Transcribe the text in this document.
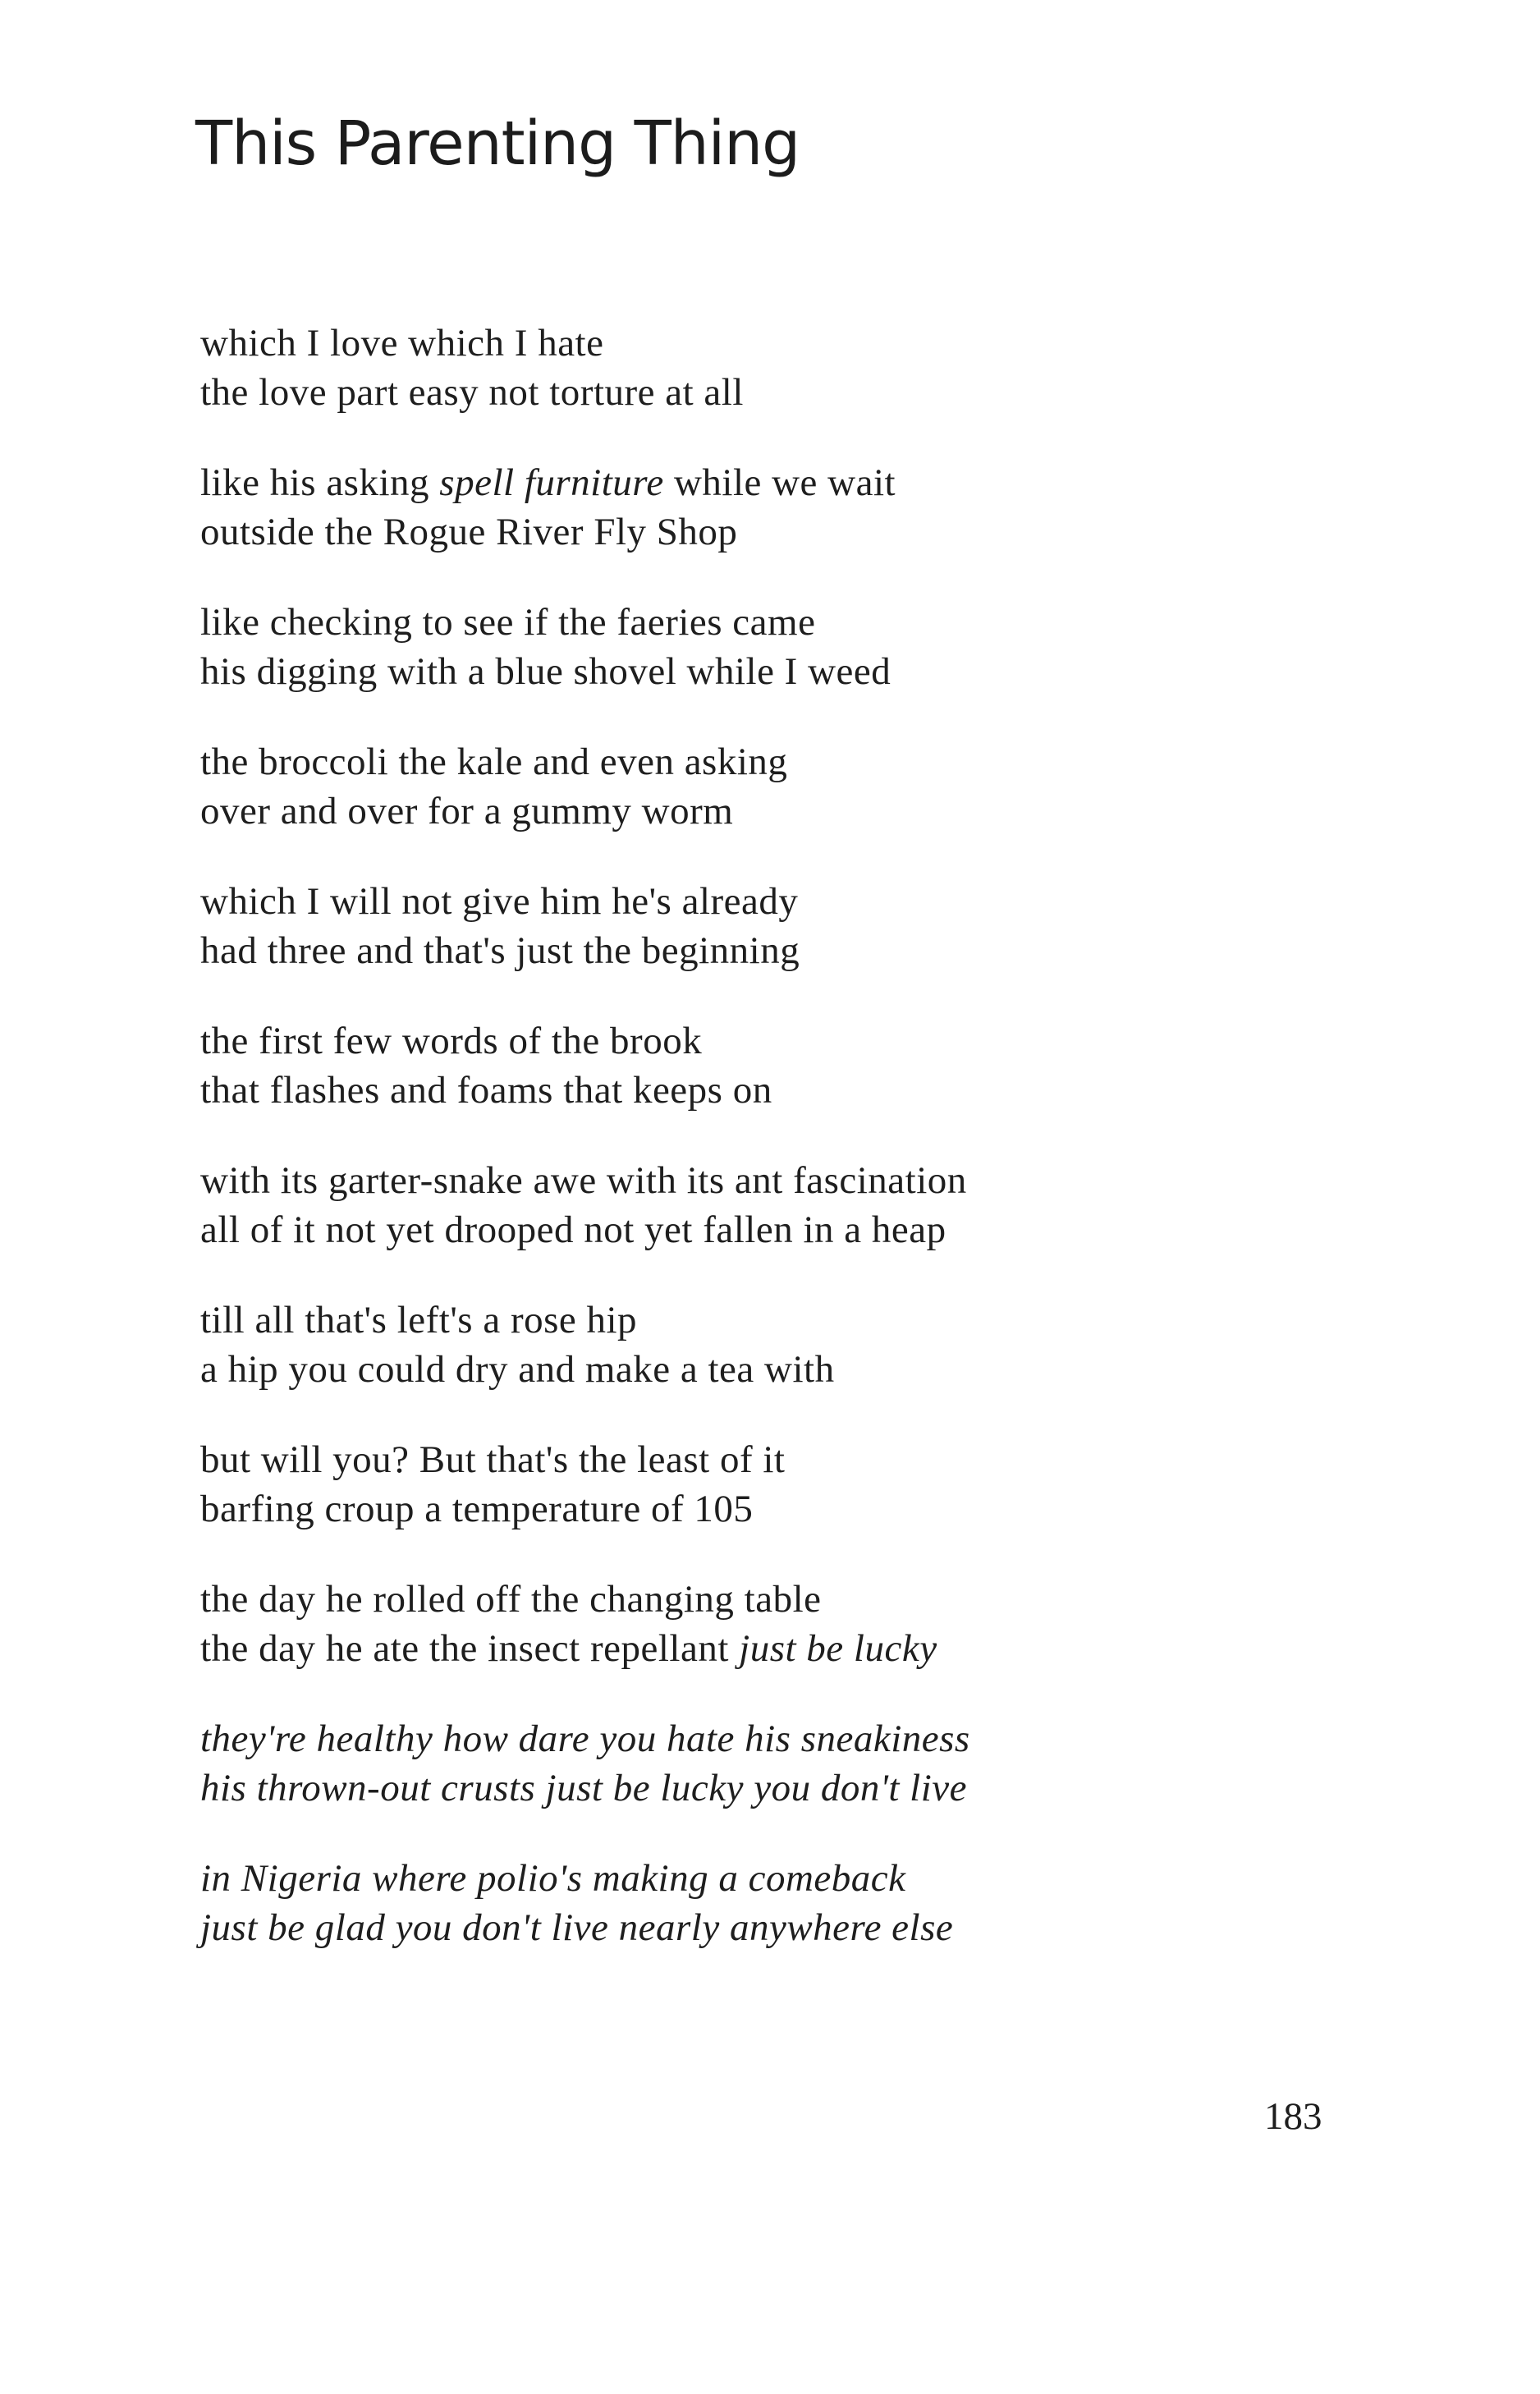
This Parenting Thing
which I love which I hate
the love part easy not torture at all
like his asking spell furniture while we wait
outside the Rogue River Fly Shop
like checking to see if the faeries came
his digging with a blue shovel while I weed
the broccoli the kale and even asking
over and over for a gummy worm
which I will not give him he's already
had three and that's just the beginning
the first few words of the brook
that flashes and foams that keeps on
with its garter-snake awe with its ant fascination
all of it not yet drooped not yet fallen in a heap
till all that's left's a rose hip
a hip you could dry and make a tea with
but will you? But that's the least of it
barfing croup a temperature of 105
the day he rolled off the changing table
the day he ate the insect repellant just be lucky
they're healthy how dare you hate his sneakiness
his thrown-out crusts just be lucky you don't live
in Nigeria where polio's making a comeback
just be glad you don't live nearly anywhere else
183
